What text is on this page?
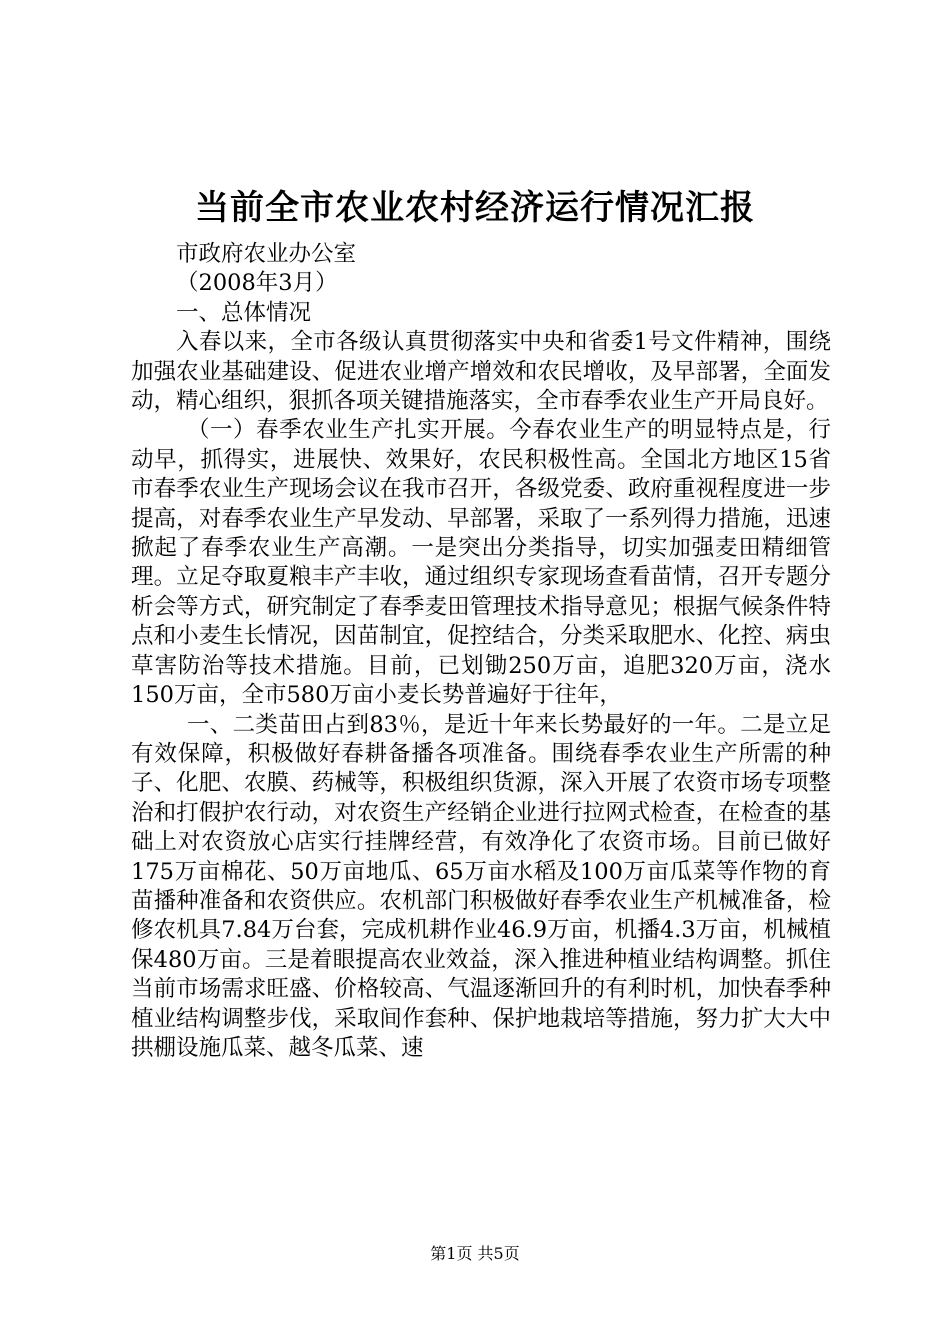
当前全市农业农村经济运行情况汇报

市政府农业办公室

（2008年3月）

一、总体情况

入春以来，全市各级认真贯彻落实中央和省委1号文件精神，围绕加强农业基础建设、促进农业增产增效和农民增收，及早部署，全面发动，精心组织，狠抓各项关键措施落实，全市春季农业生产开局良好。

（一）春季农业生产扎实开展。今春农业生产的明显特点是，行动早，抓得实，进展快、效果好，农民积极性高。全国北方地区15省市春季农业生产现场会议在我市召开，各级党委、政府重视程度进一步提高，对春季农业生产早发动、早部署，采取了一系列得力措施，迅速掀起了春季农业生产高潮。一是突出分类指导，切实加强麦田精细管理。立足夺取夏粮丰产丰收，通过组织专家现场查看苗情，召开专题分析会等方式，研究制定了春季麦田管理技术指导意见；根据气候条件特点和小麦生长情况，因苗制宜，促控结合，分类采取肥水、化控、病虫草害防治等技术措施。目前，已划锄250万亩，追肥320万亩，浇水150万亩，全市580万亩小麦长势普遍好于往年，

一、二类苗田占到83％，是近十年来长势最好的一年。二是立足有效保障，积极做好春耕备播各项准备。围绕春季农业生产所需的种子、化肥、农膜、药械等，积极组织货源，深入开展了农资市场专项整治和打假护农行动，对农资生产经销企业进行拉网式检查，在检查的基础上对农资放心店实行挂牌经营，有效净化了农资市场。目前已做好175万亩棉花、50万亩地瓜、65万亩水稻及100万亩瓜菜等作物的育苗播种准备和农资供应。农机部门积极做好春季农业生产机械准备，检修农机具7.84万台套，完成机耕作业46.9万亩，机播4.3万亩，机械植保480万亩。三是着眼提高农业效益，深入推进种植业结构调整。抓住当前市场需求旺盛、价格较高、气温逐渐回升的有利时机，加快春季种植业结构调整步伐，采取间作套种、保护地栽培等措施，努力扩大大中拱棚设施瓜菜、越冬瓜菜、速

第1页 共5页
